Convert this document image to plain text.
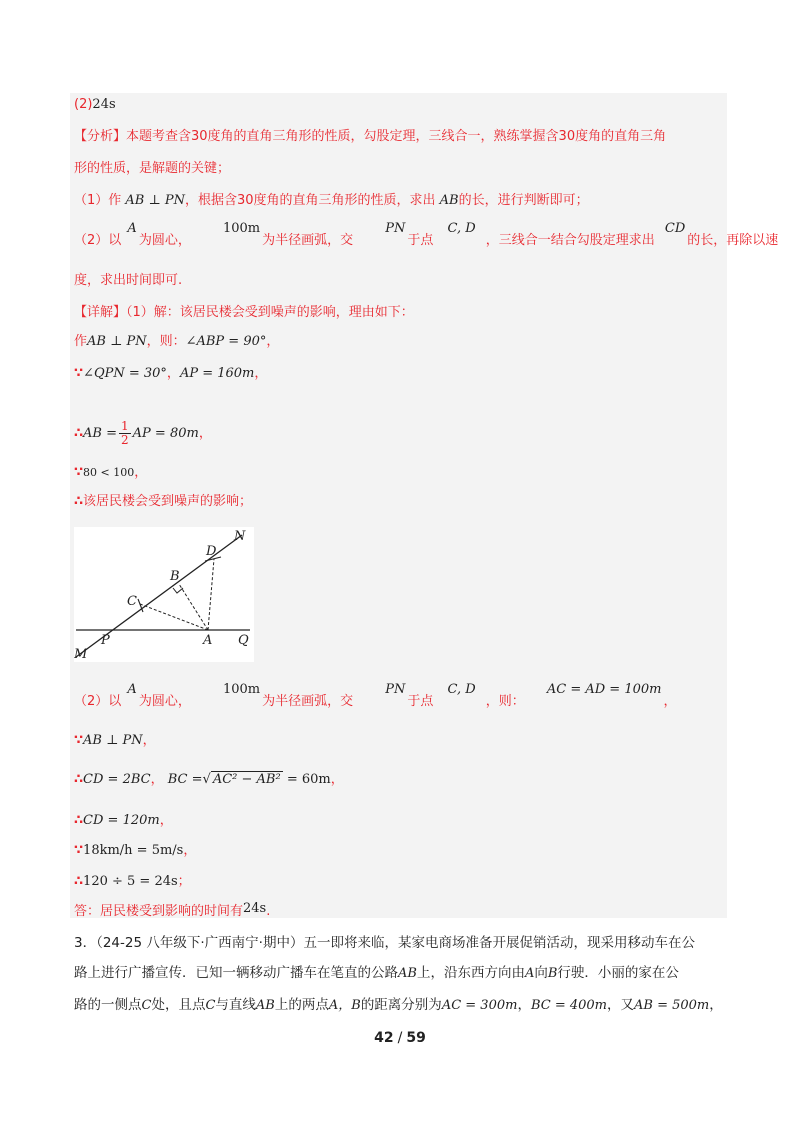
(2)24s
【分析】本题考查含30度角的直角三角形的性质，勾股定理，三线合一，熟练掌握含30度角的直角三角
形的性质，是解题的关键；
（1）作 AB ⊥ PN，根据含30度角的直角三角形的性质，求出 AB的长，进行判断即可；
（2）以 A为圆心， 100m为半径画弧，交 PN于点 C, D，三线合一结合勾股定理求出 CD的长，再除以速
度，求出时间即可.
【详解】（1）解：该居民楼会受到噪声的影响，理由如下：
作AB ⊥ PN，则：∠ABP = 90°，
∵∠QPN = 30°，AP = 160m，
∴AB = $\frac{1}{2}$ AP = 80m，
∵80 < 100，
∴该居民楼会受到噪声的影响；
N
D
B
C
P	A Q
M
（2）以 A为圆心， 100m为半径画弧，交 PN于点 C, D，则： AC = AD = 100m，
∵AB ⊥ PN，
∴CD = 2BC， BC =√ AC² − AB² = 60m，
∴CD = 120m，
∵18km/h = 5m/s，
∴120 ÷ 5 = 24s；
答：居民楼受到影响的时间有24s.
3．（24-25 八年级下·广西南宁·期中）五一即将来临，某家电商场准备开展促销活动，现采用移动车在公
路上进行广播宣传．已知一辆移动广播车在笔直的公路AB上，沿东西方向由A向B行驶．小丽的家在公
路的一侧点C处，且点C与直线AB上的两点A，B的距离分别为AC = 300m，BC = 400m，又AB = 500m，
42 / 59
